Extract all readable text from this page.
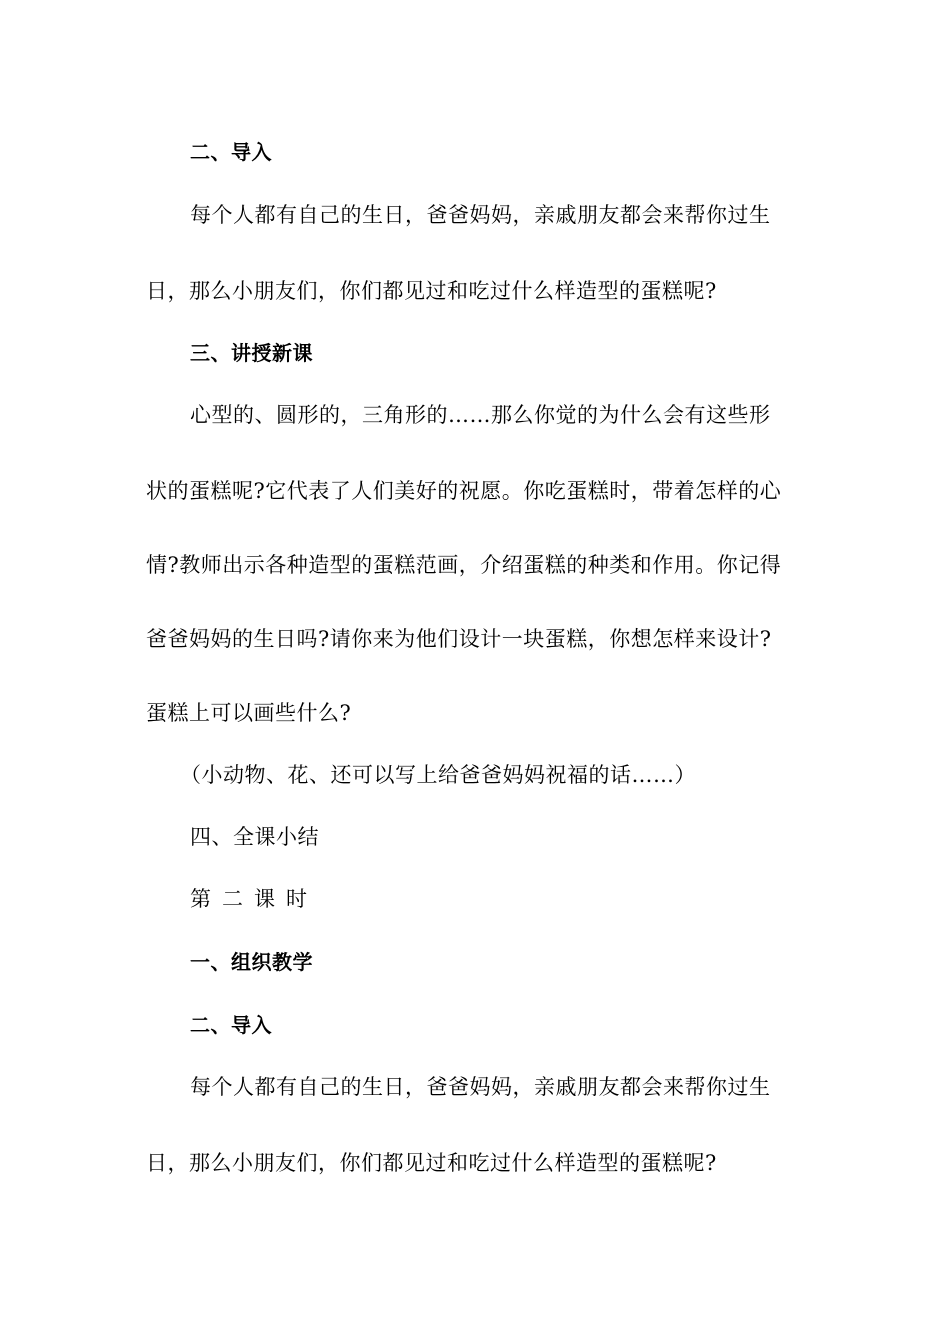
二、导入
每个人都有自己的生日，爸爸妈妈，亲戚朋友都会来帮你过生
日，那么小朋友们，你们都见过和吃过什么样造型的蛋糕呢?
三、讲授新课
心型的、圆形的，三角形的……那么你觉的为什么会有这些形
状的蛋糕呢?它代表了人们美好的祝愿。你吃蛋糕时，带着怎样的心
情?教师出示各种造型的蛋糕范画，介绍蛋糕的种类和作用。你记得
爸爸妈妈的生日吗?请你来为他们设计一块蛋糕，你想怎样来设计?
蛋糕上可以画些什么?
（小动物、花、还可以写上给爸爸妈妈祝福的话……）
四、全课小结
第二课时
一、组织教学
二、导入
每个人都有自己的生日，爸爸妈妈，亲戚朋友都会来帮你过生
日，那么小朋友们，你们都见过和吃过什么样造型的蛋糕呢?
